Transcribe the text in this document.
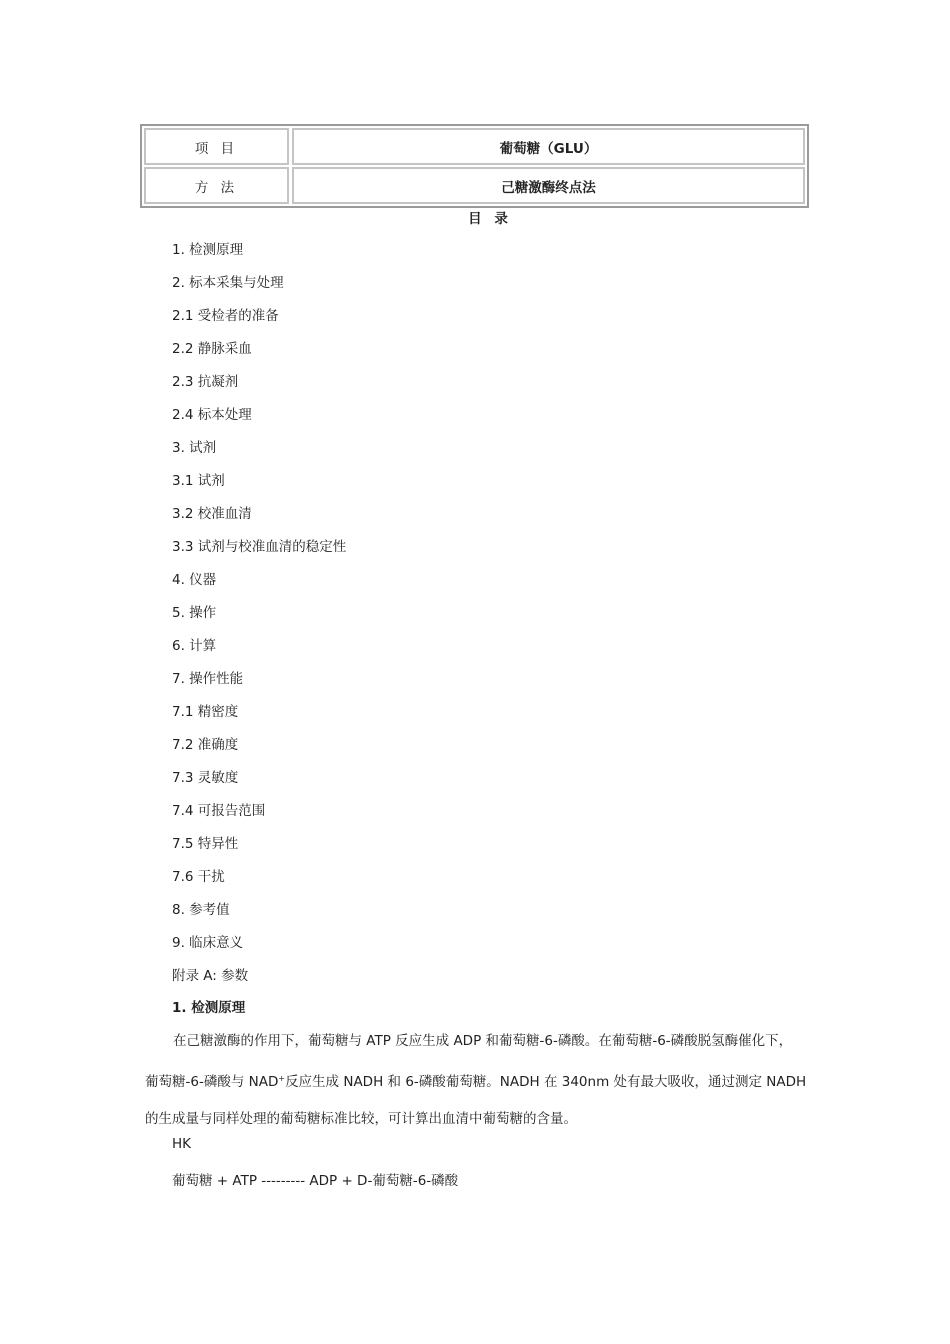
项 目	葡萄糖（GLU）
方 法	己糖激酶终点法
目 录
1. 检测原理
2. 标本采集与处理
2.1 受检者的准备
2.2 静脉采血
2.3 抗凝剂
2.4 标本处理
3. 试剂
3.1 试剂
3.2 校准血清
3.3 试剂与校准血清的稳定性
4. 仪器
5. 操作
6. 计算
7. 操作性能
7.1 精密度
7.2 准确度
7.3 灵敏度
7.4 可报告范围
7.5 特异性
7.6 干扰
8. 参考值
9. 临床意义
附录 A: 参数
1. 检测原理
在己糖激酶的作用下，葡萄糖与 ATP 反应生成 ADP 和葡萄糖-6-磷酸。在葡萄糖-6-磷酸脱氢酶催化下，
葡萄糖-6-磷酸与 NAD+反应生成 NADH 和 6-磷酸葡萄糖。NADH 在 340nm 处有最大吸收，通过测定 NADH
的生成量与同样处理的葡萄糖标准比较，可计算出血清中葡萄糖的含量。
HK
葡萄糖 + ATP --------- ADP + D-葡萄糖-6-磷酸
